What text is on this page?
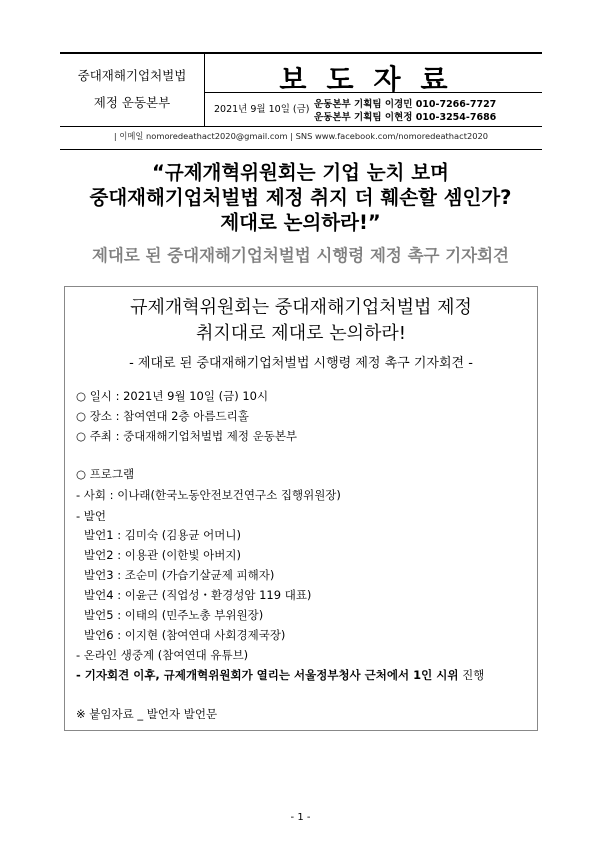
중대재해기업처벌법
제정 운동본부
보도자료
2021년 9월 10일 (금) 운동본부 기획팀 이경민 010-7266-7727
운동본부 기획팀 이현정 010-3254-7686
| 이메일 nomoredeathact2020@gmail.com | SNS www.facebook.com/nomoredeathact2020
“규제개혁위원회는 기업 눈치 보며
중대재해기업처벌법 제정 취지 더 훼손할 셈인가?
제대로 논의하라!”
제대로 된 중대재해기업처벌법 시행령 제정 촉구 기자회견
규제개혁위원회는 중대재해기업처벌법 제정
취지대로 제대로 논의하라!
- 제대로 된 중대재해기업처벌법 시행령 제정 촉구 기자회견 -
○ 일시 : 2021년 9월 10일 (금) 10시
○ 장소 : 참여연대 2층 아름드리홀
○ 주최 : 중대재해기업처벌법 제정 운동본부
○ 프로그램
- 사회 : 이나래(한국노동안전보건연구소 집행위원장)
- 발언
발언1 : 김미숙 (김용균 어머니)
발언2 : 이용관 (이한빛 아버지)
발언3 : 조순미 (가습기살균제 피해자)
발언4 : 이윤근 (직업성・환경성암 119 대표)
발언5 : 이태의 (민주노총 부위원장)
발언6 : 이지현 (참여연대 사회경제국장)
- 온라인 생중계 (참여연대 유튜브)
- 기자회견 이후, 규제개혁위원회가 열리는 서울정부청사 근처에서 1인 시위 진행
※ 붙임자료 _ 발언자 발언문
- 1 -
